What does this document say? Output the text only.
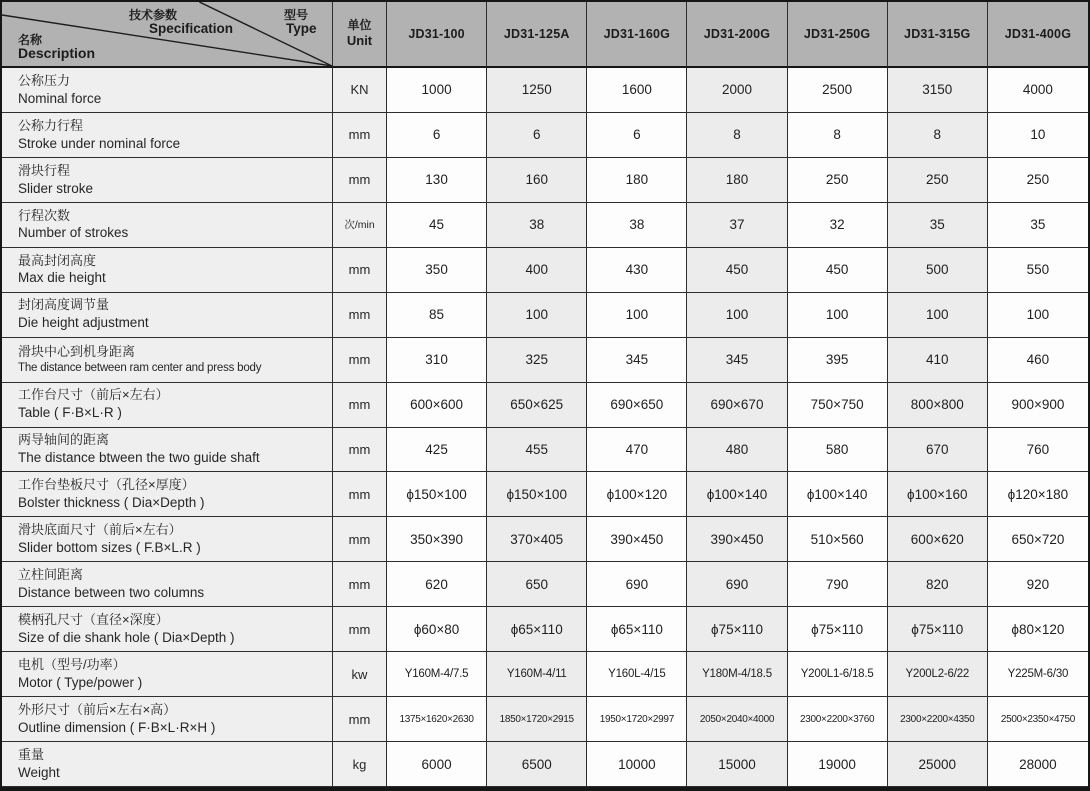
技术参数
Specification
型号
Type
名称
Description
单位
Unit	JD31-100	JD31-125A	JD31-160G	JD31-200G	JD31-250G	JD31-315G	JD31-400G
公称压力
Nominal force
KN	1000	1250	1600	2000	2500	3150	4000
公称力行程
Stroke under nominal force
mm	6	6	6	8	8	8	10
滑块行程
Slider stroke
mm	130	160	180	180	250	250	250
行程次数
Number of strokes
次/min	45	38	38	37	32	35	35
最高封闭高度
Max die height
mm	350	400	430	450	450	500	550
封闭高度调节量
Die height adjustment
mm	85	100	100	100	100	100	100
滑块中心到机身距离
The distance between ram center and press body
mm	310	325	345	345	395	410	460
工作台尺寸（前后×左右）
Table ( F·B×L·R )
mm	600×600	650×625	690×650	690×670	750×750	800×800	900×900
两导轴间的距离
The distance btween the two guide shaft
mm	425	455	470	480	580	670	760
工作台垫板尺寸（孔径×厚度）
Bolster thickness ( Dia×Depth )
mm	ϕ150×100	ϕ150×100	ϕ100×120	ϕ100×140	ϕ100×140	ϕ100×160	ϕ120×180
滑块底面尺寸（前后×左右）
Slider bottom sizes ( F.B×L.R )
mm	350×390	370×405	390×450	390×450	510×560	600×620	650×720
立柱间距离
Distance between two columns
mm	620	650	690	690	790	820	920
模柄孔尺寸（直径×深度）
Size of die shank hole ( Dia×Depth )
mm	ϕ60×80	ϕ65×110	ϕ65×110	ϕ75×110	ϕ75×110	ϕ75×110	ϕ80×120
电机（型号/功率）
Motor ( Type/power )
kw	Y160M-4/7.5	Y160M-4/11	Y160L-4/15	Y180M-4/18.5	Y200L1-6/18.5	Y200L2-6/22	Y225M-6/30
外形尺寸（前后×左右×高）
Outline dimension ( F·B×L·R×H )
mm	1375×1620×2630	1850×1720×2915	1950×1720×2997	2050×2040×4000	2300×2200×3760	2300×2200×4350	2500×2350×4750
重量
Weight
kg	6000	6500	10000	15000	19000	25000	28000
